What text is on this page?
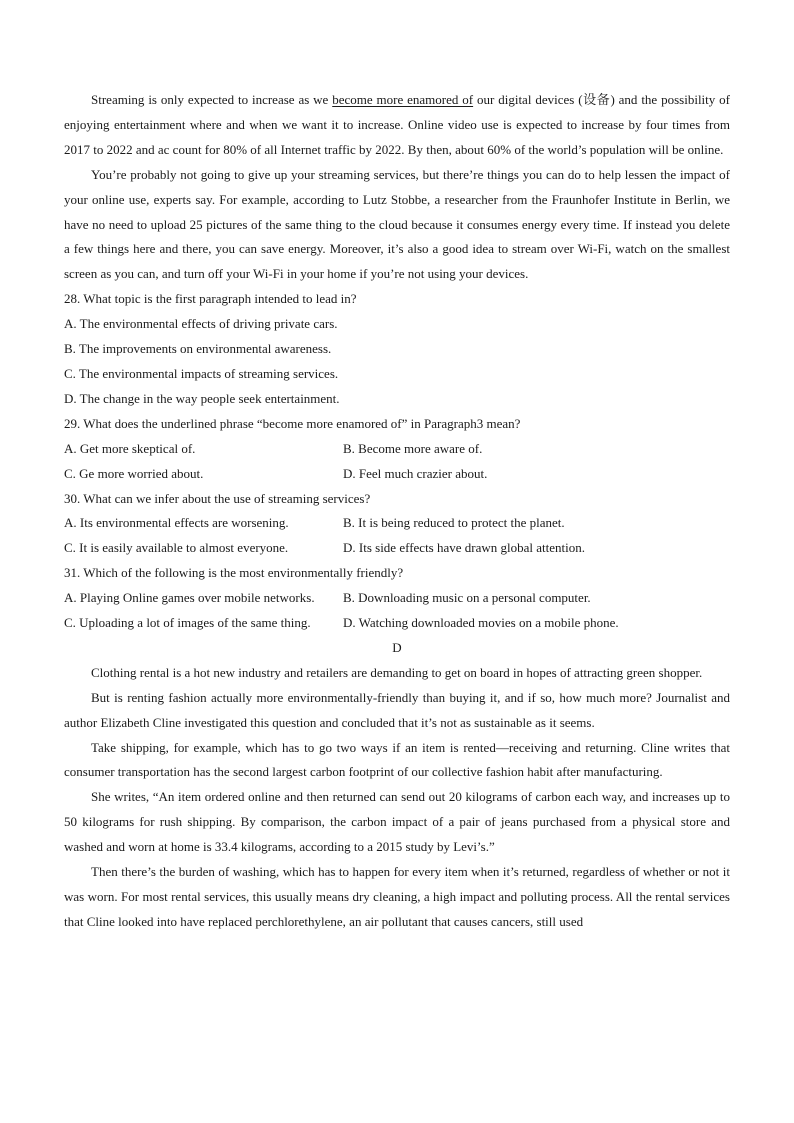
Streaming is only expected to increase as we become more enamored of our digital devices (设备) and the possibility of enjoying entertainment where and when we want it to increase. Online video use is expected to increase by four times from 2017 to 2022 and ac count for 80% of all Internet traffic by 2022. By then, about 60% of the world’s population will be online.

You’re probably not going to give up your streaming services, but there’re things you can do to help lessen the impact of your online use, experts say. For example, according to Lutz Stobbe, a researcher from the Fraunhofer Institute in Berlin, we have no need to upload 25 pictures of the same thing to the cloud because it consumes energy every time. If instead you delete a few things here and there, you can save energy. Moreover, it’s also a good idea to stream over Wi-Fi, watch on the smallest screen as you can, and turn off your Wi-Fi in your home if you’re not using your devices.

28. What topic is the first paragraph intended to lead in?

A. The environmental effects of driving private cars.

B. The improvements on environmental awareness.

C. The environmental impacts of streaming services.

D. The change in the way people seek entertainment.

29. What does the underlined phrase “become more enamored of” in Paragraph3 mean?

A. Get more skeptical of.	B. Become more aware of.
C. Ge more worried about.	D. Feel much crazier about.

30. What can we infer about the use of streaming services?

A. Its environmental effects are worsening.	B. It is being reduced to protect the planet.
C. It is easily available to almost everyone.	D. Its side effects have drawn global attention.

31. Which of the following is the most environmentally friendly?

A. Playing Online games over mobile networks.	B. Downloading music on a personal computer.
C. Uploading a lot of images of the same thing.	D. Watching downloaded movies on a mobile phone.

D

Clothing rental is a hot new industry and retailers are demanding to get on board in hopes of attracting green shopper.

But is renting fashion actually more environmentally-friendly than buying it, and if so, how much more? Journalist and author Elizabeth Cline investigated this question and concluded that it’s not as sustainable as it seems.

Take shipping, for example, which has to go two ways if an item is rented—receiving and returning. Cline writes that consumer transportation has the second largest carbon footprint of our collective fashion habit after manufacturing.

She writes, “An item ordered online and then returned can send out 20 kilograms of carbon each way, and increases up to 50 kilograms for rush shipping. By comparison, the carbon impact of a pair of jeans purchased from a physical store and washed and worn at home is 33.4 kilograms, according to a 2015 study by Levi’s.”

Then there’s the burden of washing, which has to happen for every item when it’s returned, regardless of whether or not it was worn. For most rental services, this usually means dry cleaning, a high impact and polluting process. All the rental services that Cline looked into have replaced perchlorethylene, an air pollutant that causes cancers, still used
